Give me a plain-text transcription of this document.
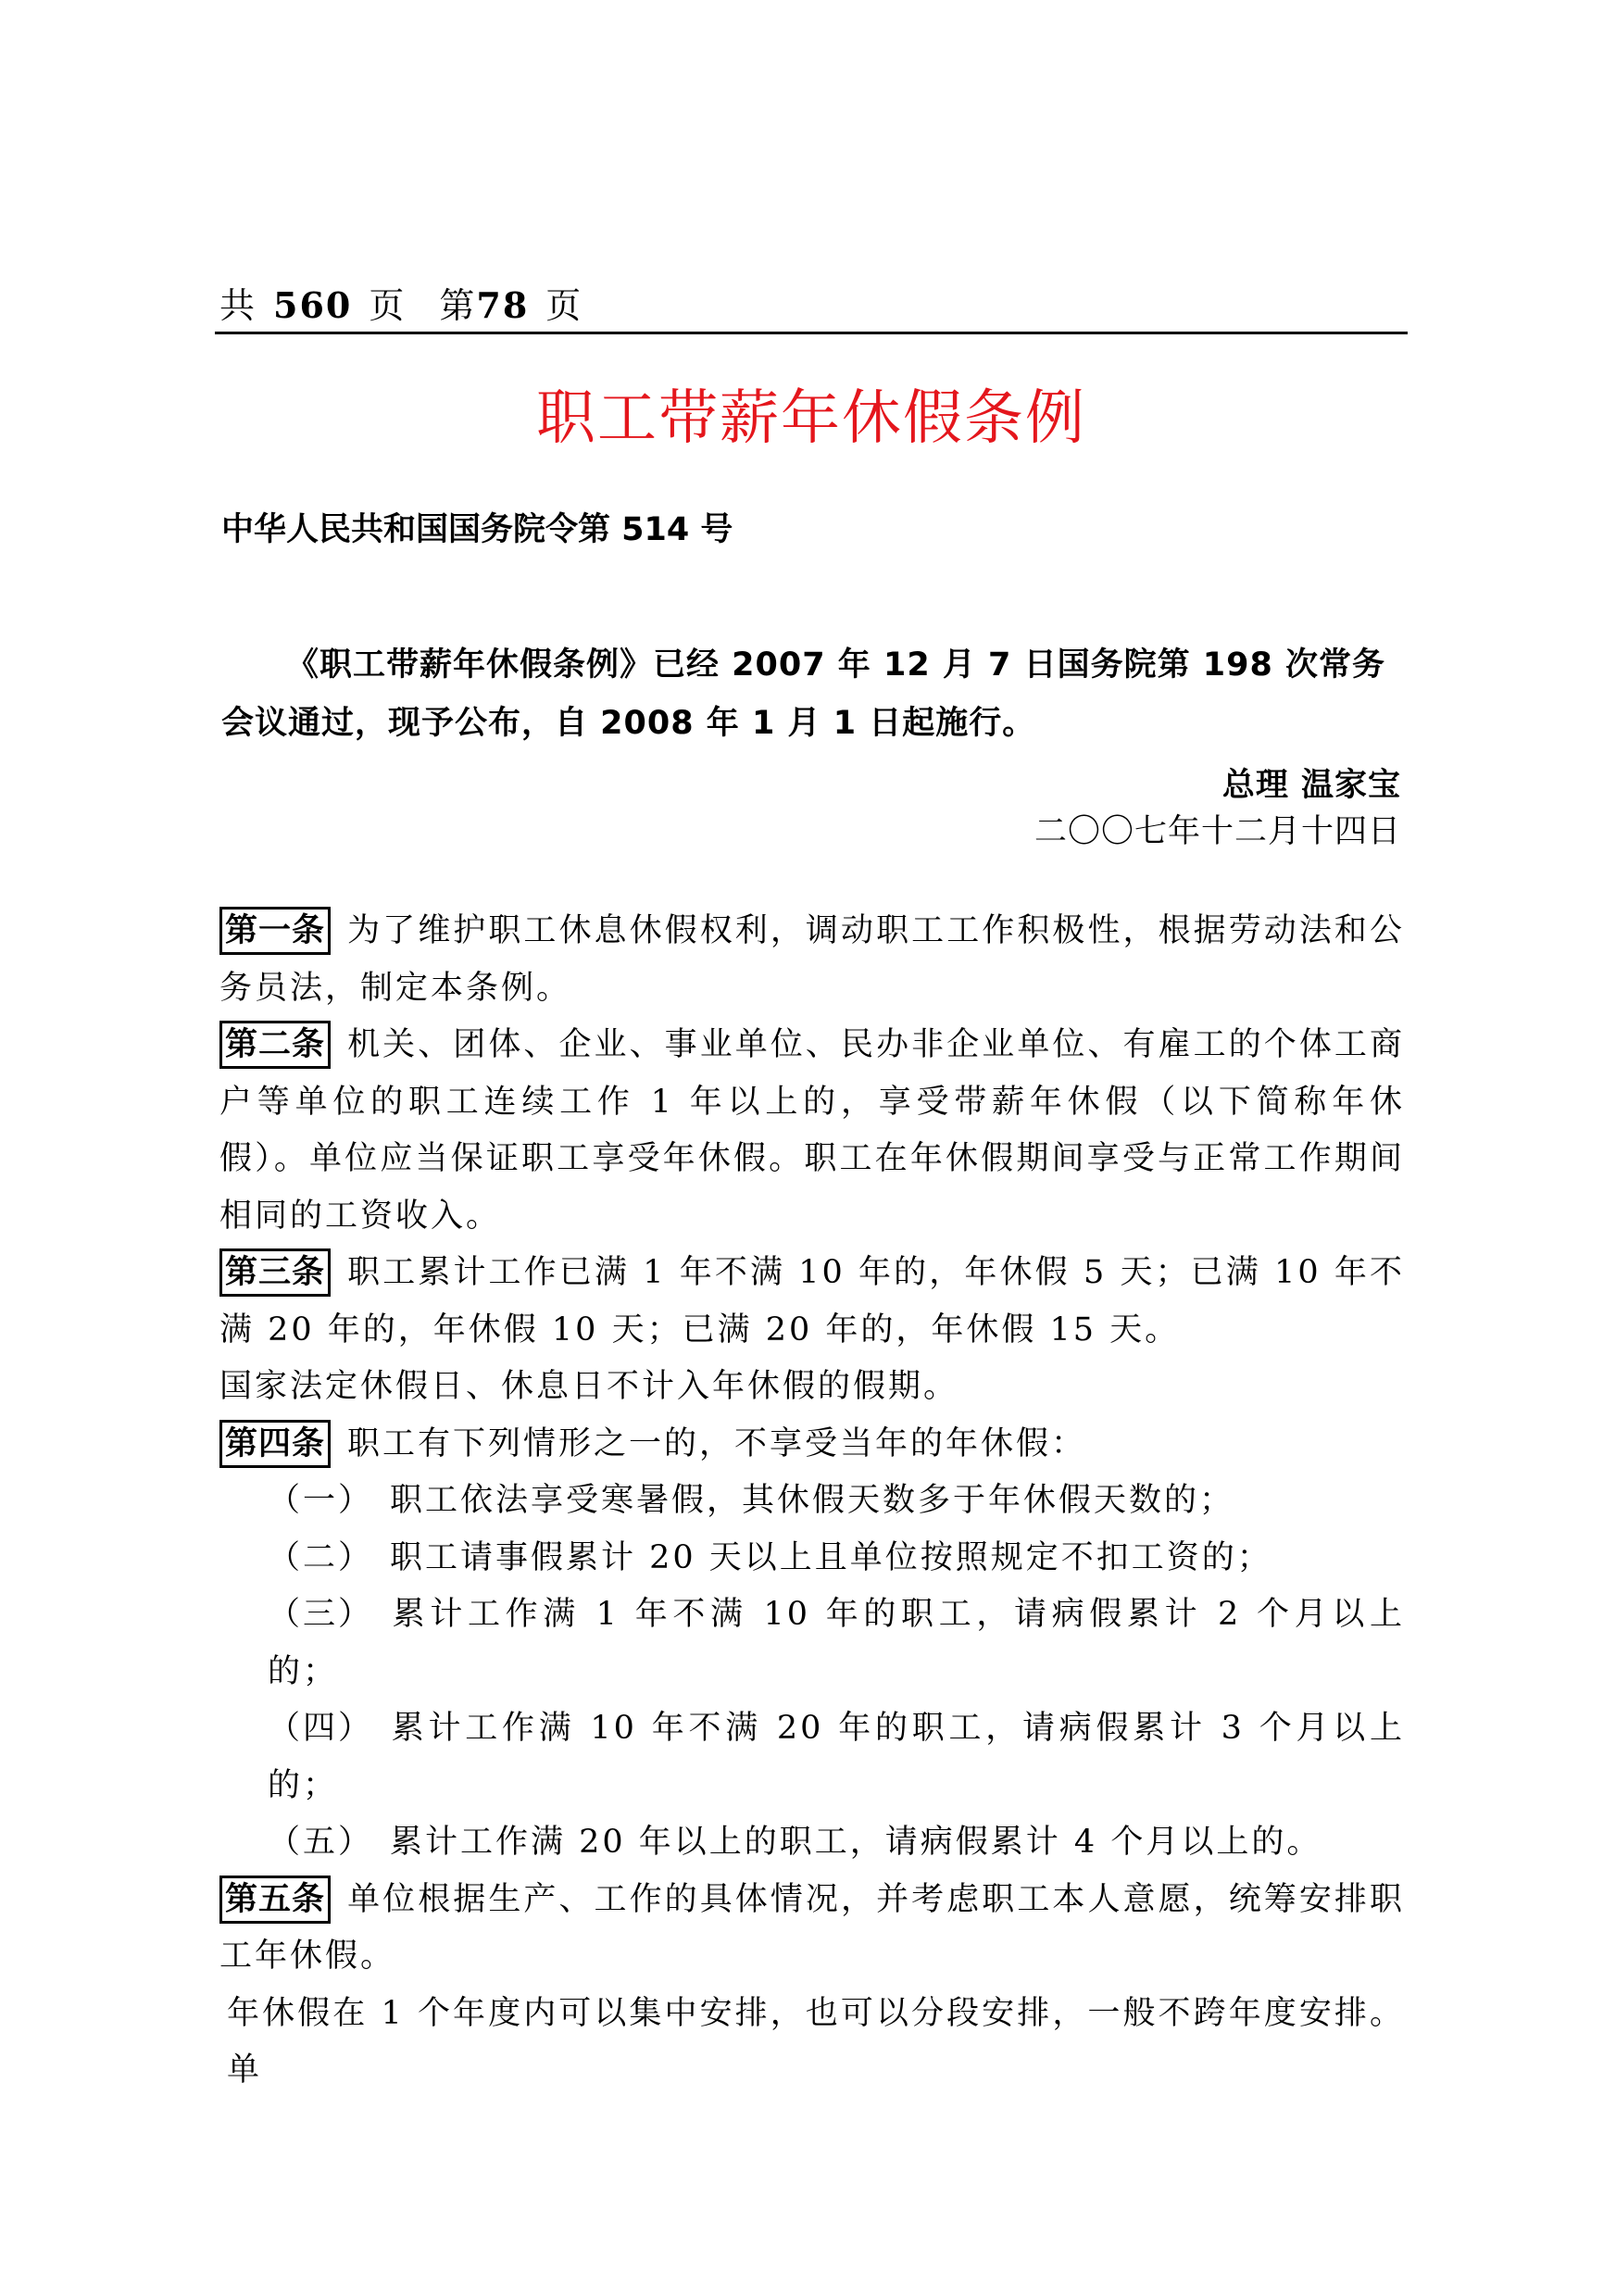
共 560 页 第78 页
职工带薪年休假条例
中华人民共和国国务院令第 514 号

《职工带薪年休假条例》已经 2007 年 12 月 7 日国务院第 198 次常务会议通过，现予公布，自 2008 年 1 月 1 日起施行。

总理 温家宝
二〇〇七年十二月十四日

第一条 为了维护职工休息休假权利，调动职工工作积极性，根据劳动法和公务员法，制定本条例。

第二条 机关、团体、企业、事业单位、民办非企业单位、有雇工的个体工商户等单位的职工连续工作 1 年以上的，享受带薪年休假（以下简称年休假）。单位应当保证职工享受年休假。职工在年休假期间享受与正常工作期间相同的工资收入。

第三条 职工累计工作已满 1 年不满 10 年的，年休假 5 天；已满 10 年不满 20 年的，年休假 10 天；已满 20 年的，年休假 15 天。

国家法定休假日、休息日不计入年休假的假期。

第四条 职工有下列情形之一的，不享受当年的年休假：

（一） 职工依法享受寒暑假，其休假天数多于年休假天数的；

（二） 职工请事假累计 20 天以上且单位按照规定不扣工资的；

（三） 累计工作满 1 年不满 10 年的职工，请病假累计 2 个月以上的；

（四） 累计工作满 10 年不满 20 年的职工，请病假累计 3 个月以上的；

（五） 累计工作满 20 年以上的职工，请病假累计 4 个月以上的。

第五条 单位根据生产、工作的具体情况，并考虑职工本人意愿，统筹安排职工年休假。

年休假在 1 个年度内可以集中安排，也可以分段安排，一般不跨年度安排。单
